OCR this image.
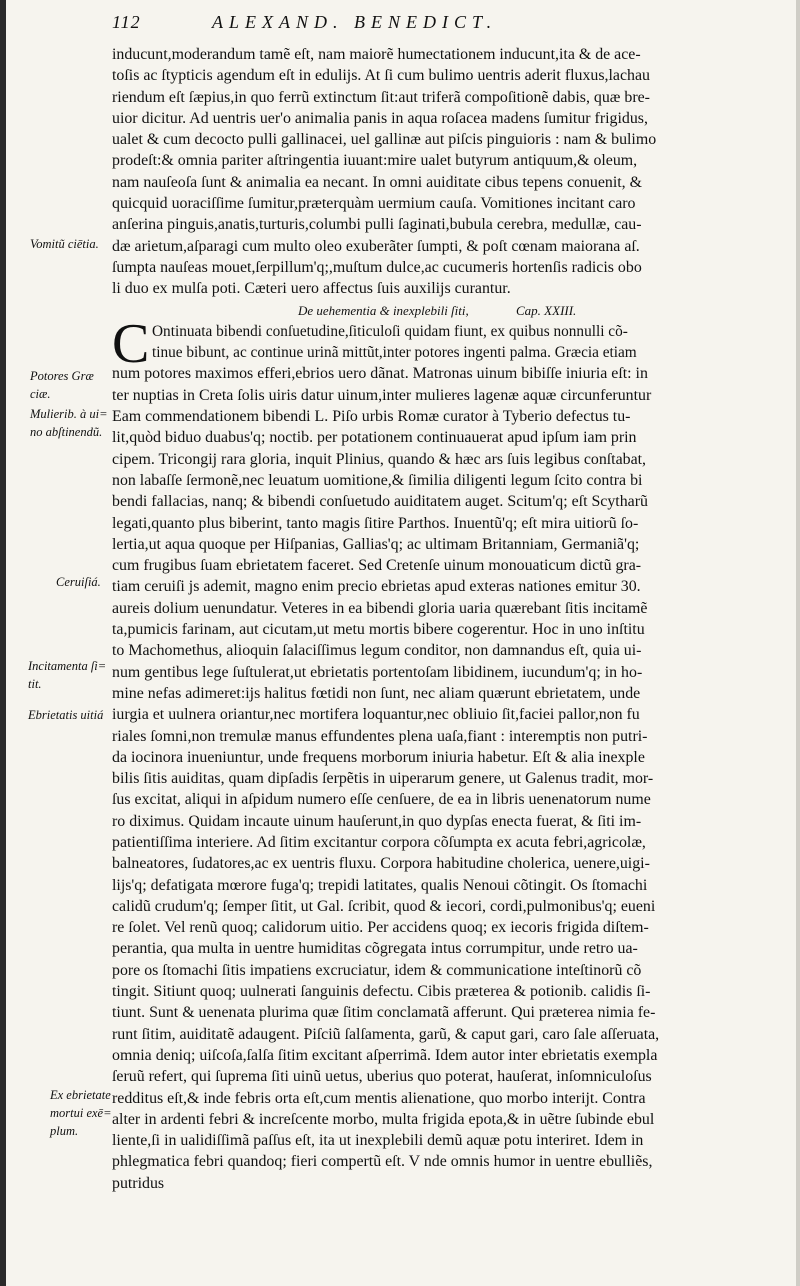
112	ALEXAND. BENEDICT.
Vomitũ ciētia.
Potores Græ ciæ.
Mulierib. à ui= no abſtinendũ.
Ceruiſiá.
Incitamenta ſi= tit.
Ebrietatis uitiá
Ex ebrietate mortui exē= plum.
inducunt,moderandum tamẽ eſt, nam maiorẽ humectationem inducunt,ita & de ace-
toſis ac ſtypticis agendum eſt in edulijs. At ſi cum bulimo uentris aderit fluxus,lachau
riendum eſt ſæpius,in quo ferrũ extinctum ſit:aut triferã compoſitionẽ dabis, quæ bre-
uior dicitur. Ad uentris uer'o animalia panis in aqua roſacea madens ſumitur frigidus,
ualet & cum decocto pulli gallinacei, uel gallinæ aut piſcis pinguioris : nam & bulimo
prodeſt:& omnia pariter aſtringentia iuuant:mire ualet butyrum antiquum,& oleum,
nam nauſeoſa ſunt & animalia ea necant. In omni auiditate cibus tepens conuenit, &
quicquid uoraciſſime ſumitur,præterquàm uermium cauſa. Vomitiones incitant caro
anſerina pinguis,anatis,turturis,columbi pulli ſaginati,bubula cerebra, medullæ, cau-
dæ arietum,aſparagi cum multo oleo exuberãter ſumpti, & poſt cœnam maiorana aſ.
ſumpta nauſeas mouet,ſerpillum'q;,muſtum dulce,ac cucumeris hortenſis radicis obo
li duo ex mulſa poti. Cæteri uero affectus ſuis auxilijs curantur.
De uehementia & inexplebili ſiti,	Cap. XXIII.
C Ontinuata bibendi conſuetudine,ſiticuloſi quidam fiunt, ex quibus nonnulli cõ-
tinue bibunt, ac continue urinã mittũt,inter potores ingenti palma. Græcia etiam
num potores maximos efferi,ebrios uero dãnat. Matronas uinum bibiſſe iniuria eſt: in
ter nuptias in Creta ſolis uiris datur uinum,inter mulieres lagenæ aquæ circunferuntur
Eam commendationem bibendi L. Piſo urbis Romæ curator à Tyberio defectus tu-
lit,quòd biduo duabus'q; noctib. per potationem continuauerat apud ipſum iam prin
cipem. Tricongij rara gloria, inquit Plinius, quando & hæc ars ſuis legibus conſtabat,
non labaſſe ſermonẽ,nec leuatum uomitione,& ſimilia diligenti legum ſcito contra bi
bendi fallacias, nanq; & bibendi conſuetudo auiditatem auget. Scitum'q; eſt Scytharũ
legati,quanto plus biberint, tanto magis ſitire Parthos. Inuentũ'q; eſt mira uitiorũ ſo-
lertia,ut aqua quoque per Hiſpanias, Gallias'q; ac ultimam Britanniam, Germaniã'q;
cum frugibus ſuam ebrietatem faceret. Sed Cretenſe uinum monouaticum dictũ gra-
tiam ceruiſi js ademit, magno enim precio ebrietas apud exteras nationes emitur 30.
aureis dolium uenundatur. Veteres in ea bibendi gloria uaria quærebant ſitis incitamẽ
ta,pumicis farinam, aut cicutam,ut metu mortis bibere cogerentur. Hoc in uno inſtitu
to Machomethus, alioquin ſalaciſſimus legum conditor, non damnandus eſt, quia ui-
num gentibus lege ſuſtulerat,ut ebrietatis portentoſam libidinem, iucundum'q; in ho-
mine nefas adimeret:ijs halitus fœtidi non ſunt, nec aliam quærunt ebrietatem, unde
iurgia et uulnera oriantur,nec mortifera loquantur,nec obliuio ſit,faciei pallor,non fu
riales ſomni,non tremulæ manus effundentes plena uaſa,fiant : interemptis non putri-
da iocinora inueniuntur, unde frequens morborum iniuria habetur. Eſt & alia inexple
bilis ſitis auiditas, quam dipſadis ſerpẽtis in uiperarum genere, ut Galenus tradit, mor-
ſus excitat, aliqui in aſpidum numero eſſe cenſuere, de ea in libris uenenatorum nume
ro diximus. Quidam incaute uinum hauſerunt,in quo dypſas enecta fuerat, & ſiti im-
patientiſſima interiere. Ad ſitim excitantur corpora cõſumpta ex acuta febri,agricolæ,
balneatores, ſudatores,ac ex uentris fluxu. Corpora habitudine cholerica, uenere,uigi-
lijs'q; defatigata mœrore fuga'q; trepidi latitates, qualis Nenoui cõtingit. Os ſtomachi
calidũ crudum'q; ſemper ſitit, ut Gal. ſcribit, quod & iecori, cordi,pulmonibus'q; eueni
re ſolet. Vel renũ quoq; calidorum uitio. Per accidens quoq; ex iecoris frigida diſtem-
perantia, qua multa in uentre humiditas cõgregata intus corrumpitur, unde retro ua-
pore os ſtomachi ſitis impatiens excruciatur, idem & communicatione inteſtinorũ cõ
tingit. Sitiunt quoq; uulnerati ſanguinis defectu. Cibis præterea & potionib. calidis ſi-
tiunt. Sunt & uenenata plurima quæ ſitim conclamatã afferunt. Qui præterea nimia fe-
runt ſitim, auiditatẽ adaugent. Piſciũ ſalſamenta, garũ, & caput gari, caro ſale aſſeruata,
omnia deniq; uiſcoſa,ſalſa ſitim excitant aſperrimã. Idem autor inter ebrietatis exempla
ſeruũ refert, qui ſuprema ſiti uinũ uetus, uberius quo poterat, hauſerat, inſomniculoſus
redditus eſt,& inde febris orta eſt,cum mentis alienatione, quo morbo interijt. Contra
alter in ardenti febri & increſcente morbo, multa frigida epota,& in uẽtre ſubinde ebul
liente,ſi in ualidiſſimã paſſus eſt, ita ut inexplebili demũ aquæ potu interiret. Idem in
phlegmatica febri quandoq; fieri compertũ eſt. V nde omnis humor in uentre ebulliẽs,
putridus
